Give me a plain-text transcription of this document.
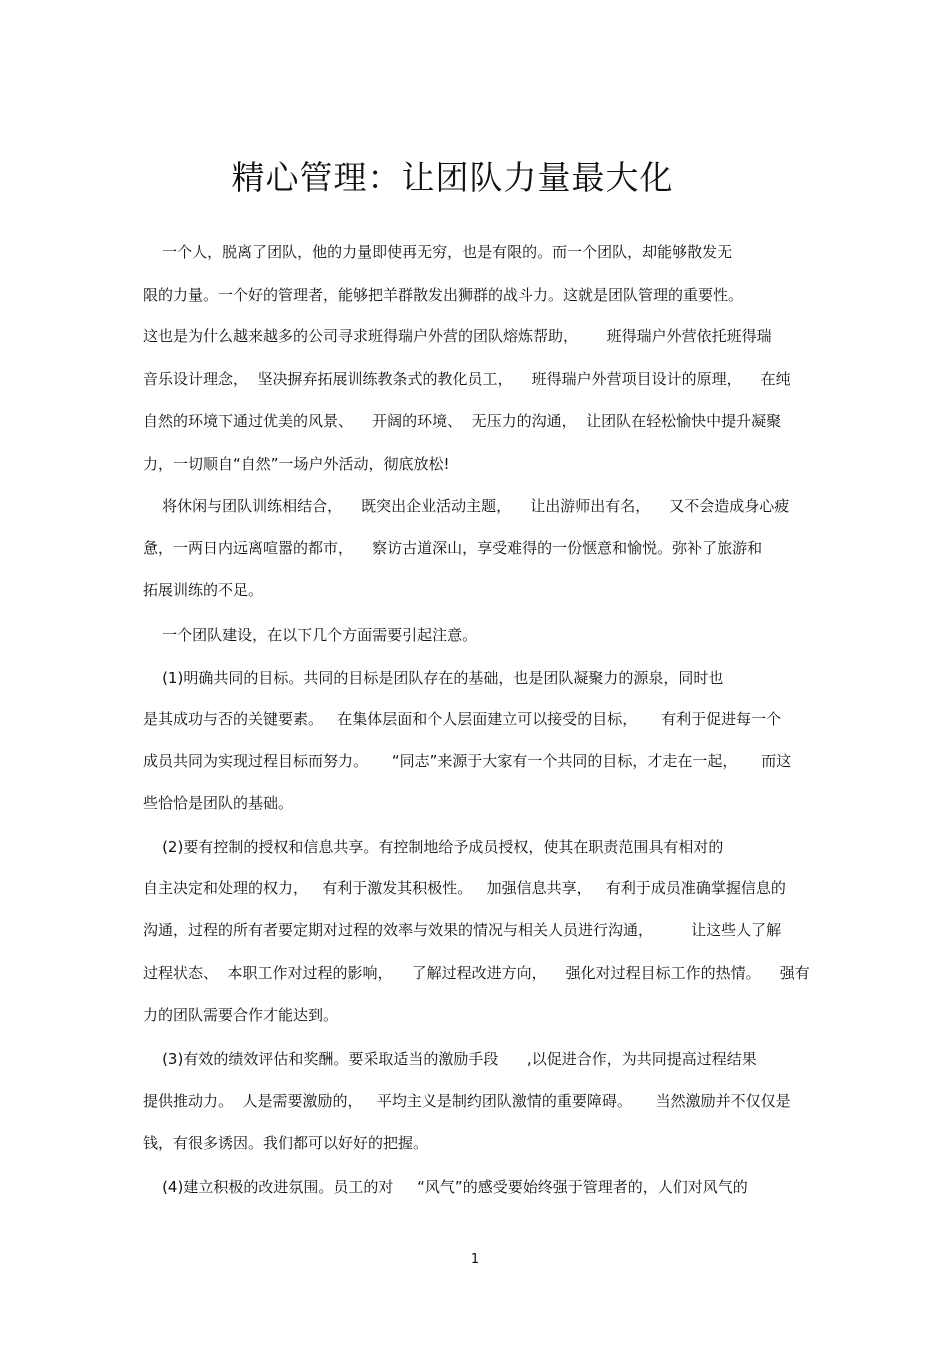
精心管理：让团队力量最大化
一个人，脱离了团队，他的力量即使再无穷，也是有限的。而一个团队，却能够散发无
限的力量。一个好的管理者，能够把羊群散发出狮群的战斗力。这就是团队管理的重要性。
这也是为什么越来越多的公司寻求班得瑞户外营的团队熔炼帮助，      班得瑞户外营依托班得瑞
音乐设计理念，  坚决摒弃拓展训练教条式的教化员工，    班得瑞户外营项目设计的原理，    在纯
自然的环境下通过优美的风景、    开阔的环境、  无压力的沟通，  让团队在轻松愉快中提升凝聚
力，一切顺自“自然”一场户外活动，彻底放松!
将休闲与团队训练相结合，    既突出企业活动主题，    让出游师出有名，    又不会造成身心疲
惫，一两日内远离喧嚣的都市，    察访古道深山，享受难得的一份惬意和愉悦。弥补了旅游和
拓展训练的不足。
一个团队建设，在以下几个方面需要引起注意。
(1)明确共同的目标。共同的目标是团队存在的基础，也是团队凝聚力的源泉，同时也
是其成功与否的关键要素。   在集体层面和个人层面建立可以接受的目标，     有利于促进每一个
成员共同为实现过程目标而努力。     “同志”来源于大家有一个共同的目标，才走在一起，     而这
些恰恰是团队的基础。
(2)要有控制的授权和信息共享。有控制地给予成员授权，使其在职责范围具有相对的
自主决定和处理的权力，   有利于激发其积极性。   加强信息共享，   有利于成员准确掌握信息的
沟通，过程的所有者要定期对过程的效率与效果的情况与相关人员进行沟通，        让这些人了解
过程状态、  本职工作对过程的影响，    了解过程改进方向，    强化对过程目标工作的热情。    强有
力的团队需要合作才能达到。
(3)有效的绩效评估和奖酬。要采取适当的激励手段      ,以促进合作，为共同提高过程结果
提供推动力。  人是需要激励的，   平均主义是制约团队激情的重要障碍。     当然激励并不仅仅是
钱，有很多诱因。我们都可以好好的把握。
(4)建立积极的改进氛围。员工的对     “风气”的感受要始终强于管理者的，人们对风气的
1
